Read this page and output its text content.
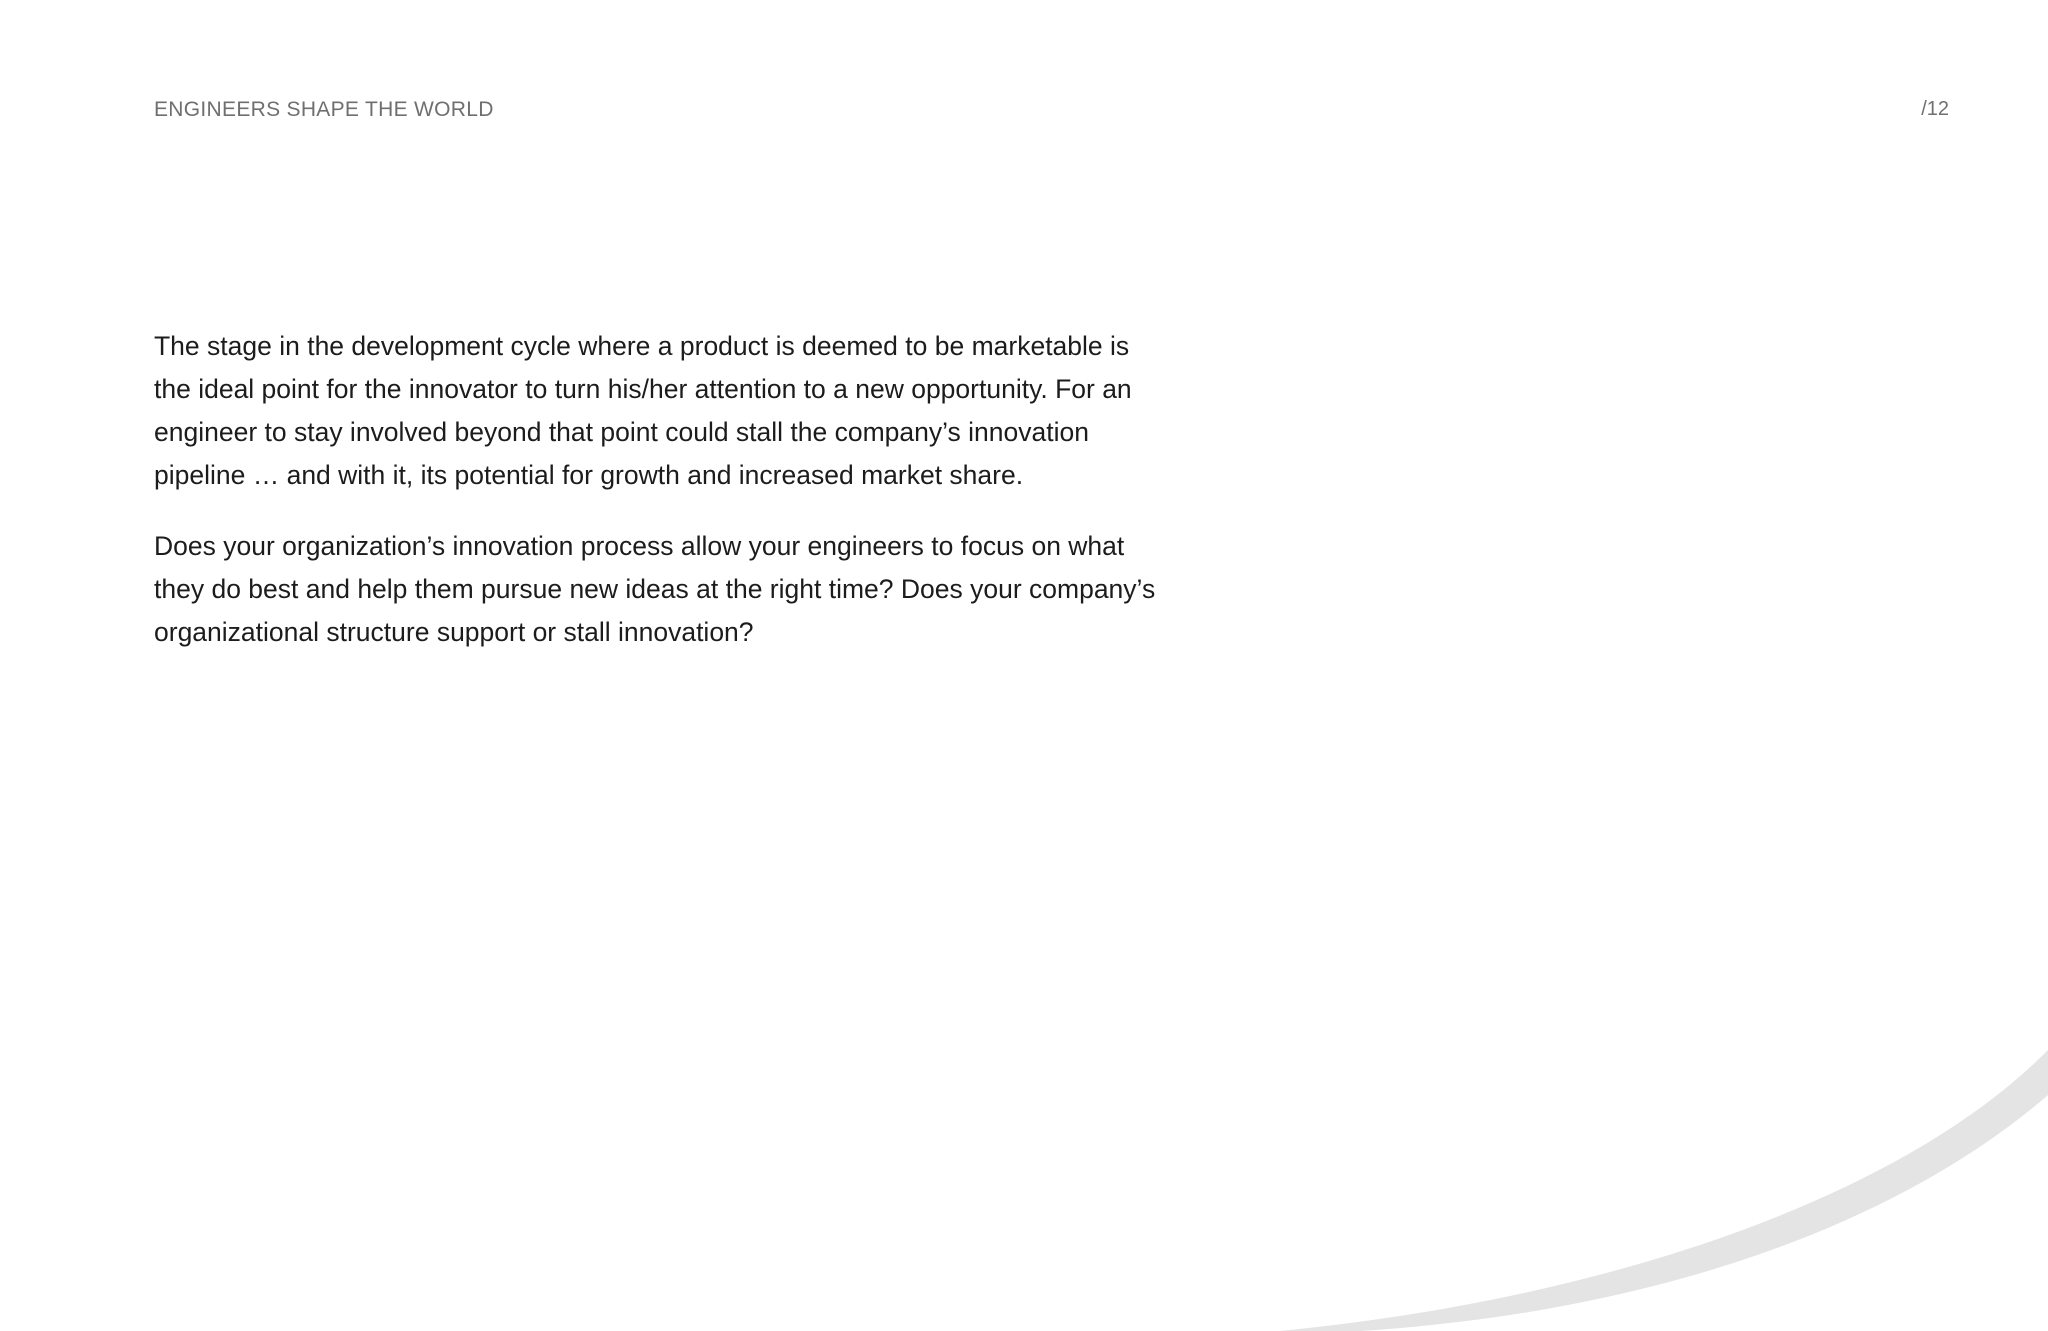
ENGINEERS SHAPE THE WORLD	/12

The stage in the development cycle where a product is deemed to be marketable is the ideal point for the innovator to turn his/her attention to a new opportunity. For an engineer to stay involved beyond that point could stall the company’s innovation pipeline … and with it, its potential for growth and increased market share.

Does your organization’s innovation process allow your engineers to focus on what they do best and help them pursue new ideas at the right time? Does your company’s organizational structure support or stall innovation?
